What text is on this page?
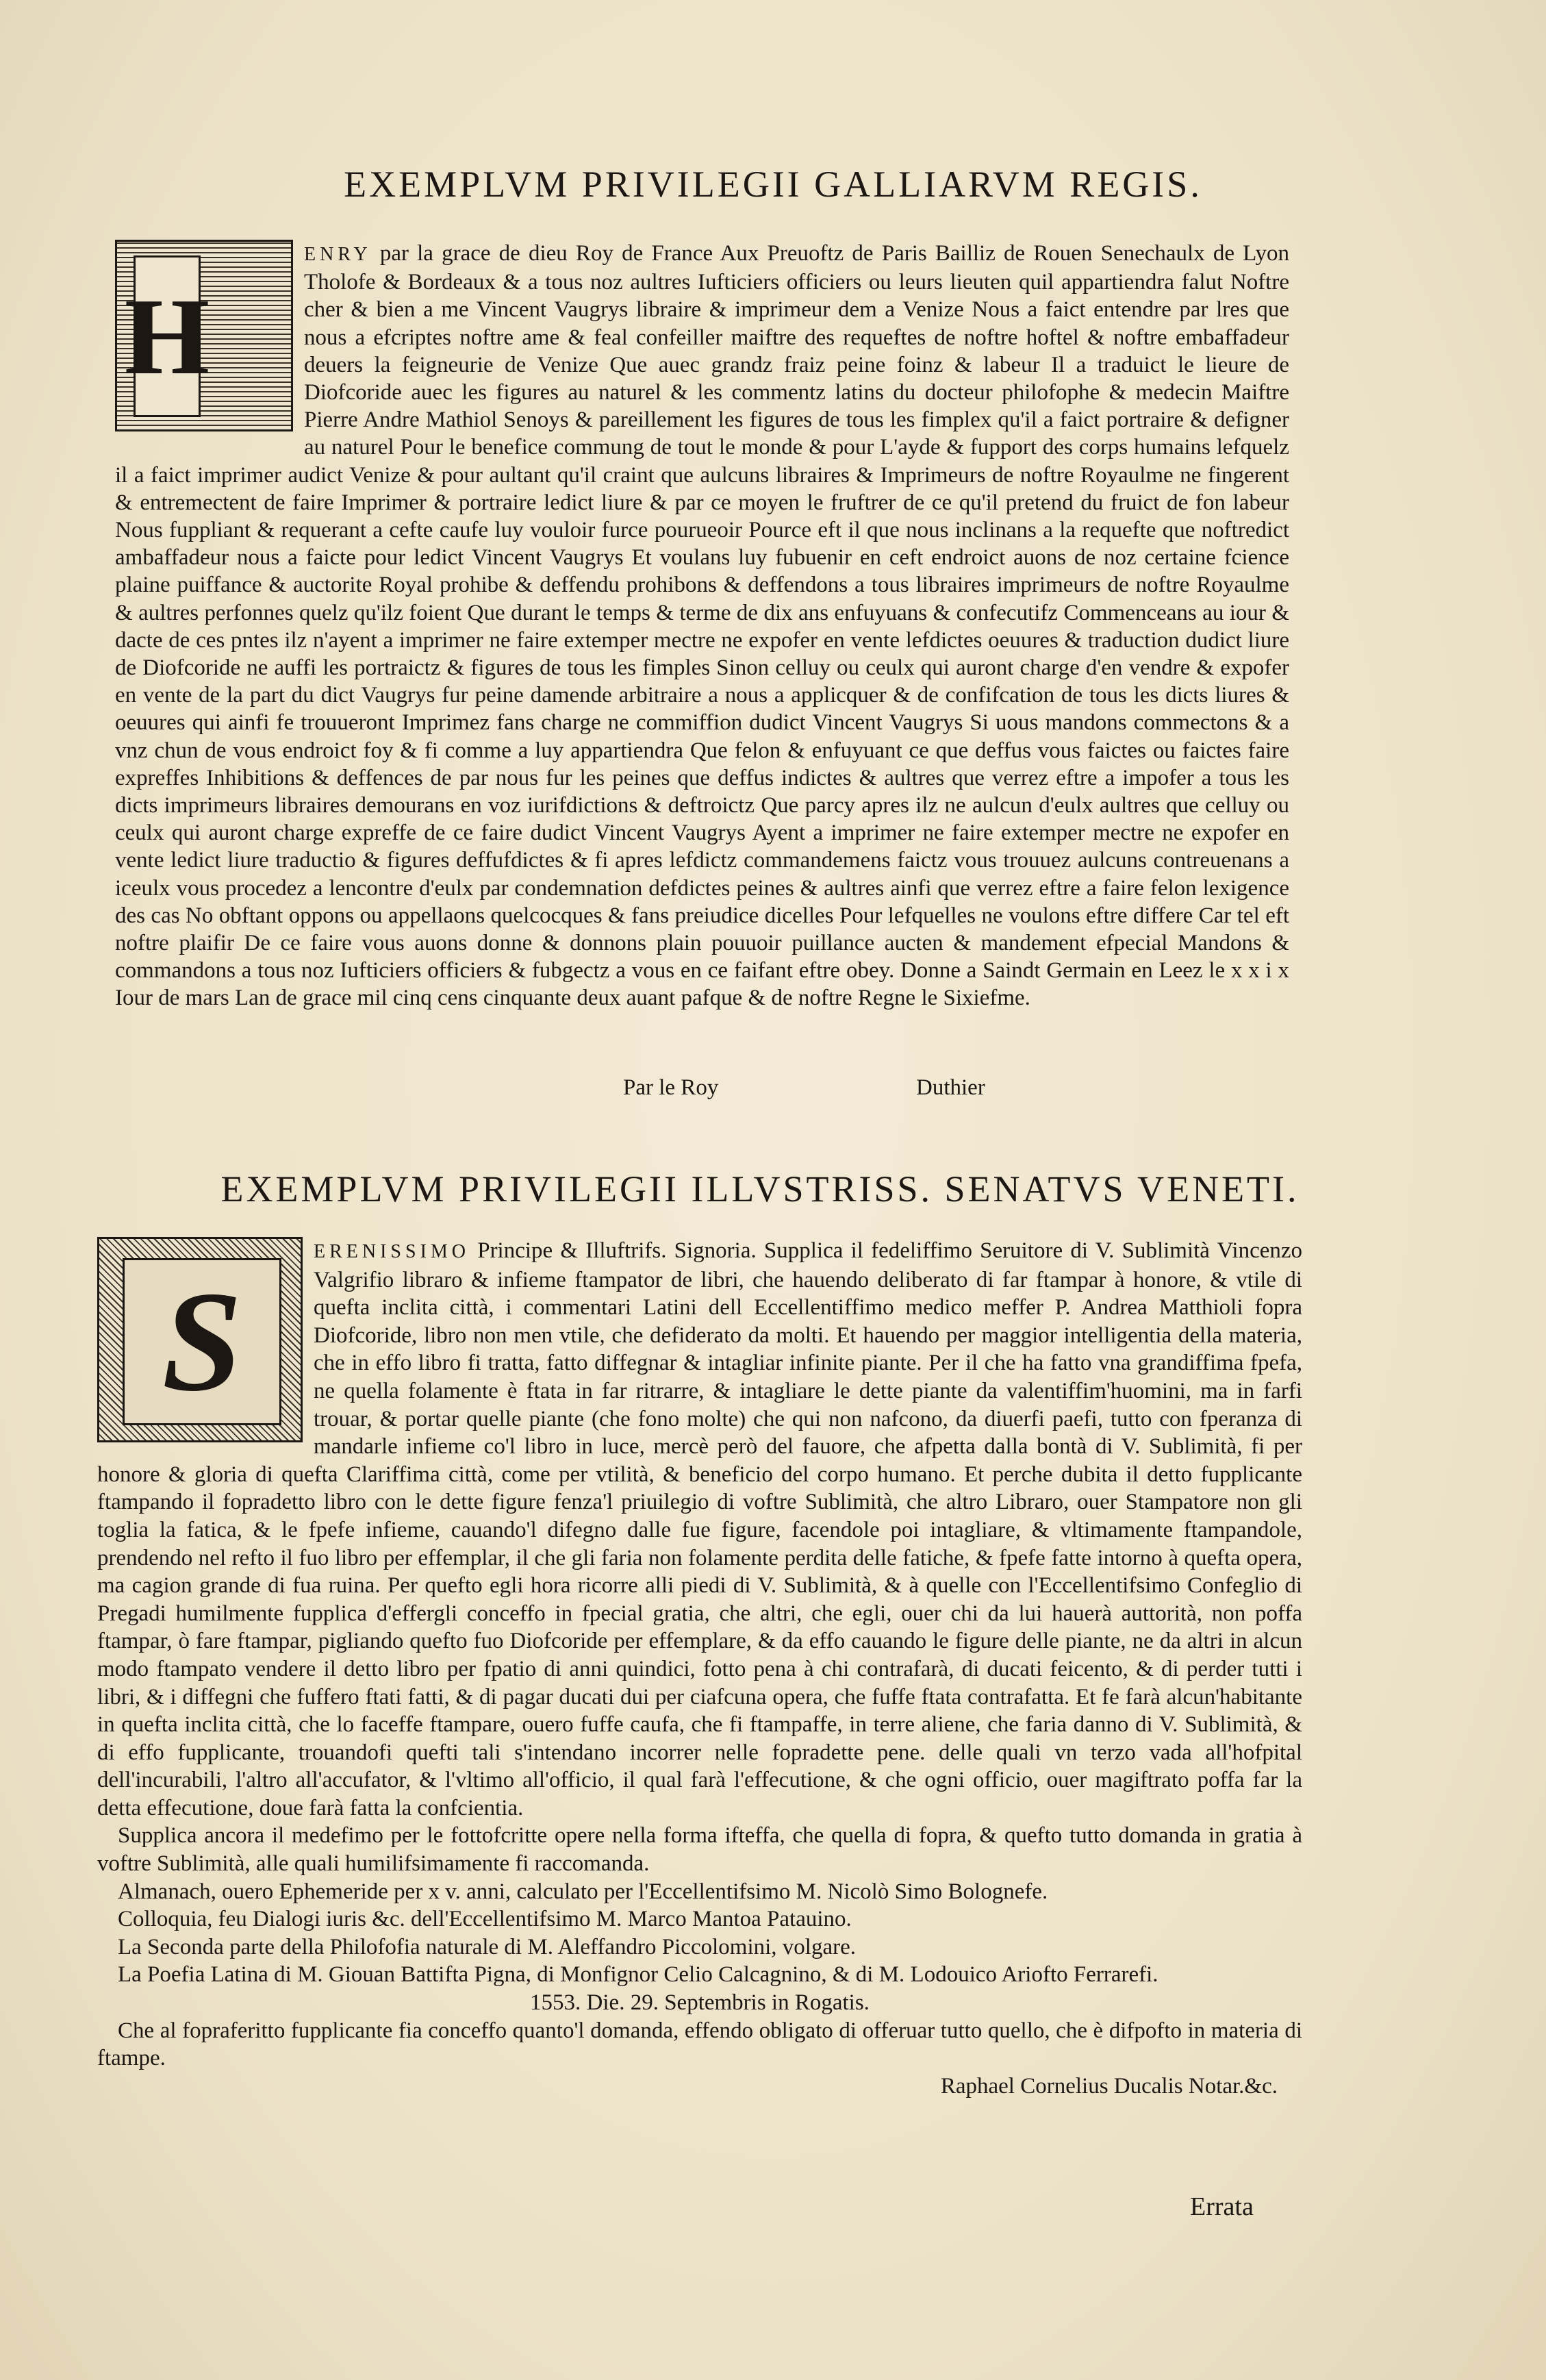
EXEMPLVM PRIVILEGII GALLIARVM REGIS.
H
ENRY par la grace de dieu Roy de France Aux Preuoftz de Paris Bailliz de Rouen Senechaulx de Lyon Tholofe & Bordeaux & a tous noz aultres Iufticiers officiers ou leurs lieuten quil appartiendra falut Noftre cher & bien a me Vincent Vaugrys libraire & imprimeur dem a Venize Nous a faict entendre par lres que nous a efcriptes noftre ame & feal confeiller maiftre des requeftes de noftre hoftel & noftre embaffadeur deuers la feigneurie de Venize Que auec grandz fraiz peine foinz & labeur Il a traduict le lieure de Diofcoride auec les figures au naturel & les commentz latins du docteur philofophe & medecin Maiftre Pierre Andre Mathiol Senoys & pareillement les figures de tous les fimplex qu'il a faict portraire & defigner au naturel Pour le benefice commung de tout le monde & pour L'ayde & fupport des corps humains lefquelz il a faict imprimer audict Venize & pour aultant qu'il craint que aulcuns libraires & Imprimeurs de noftre Royaulme ne fingerent & entremectent de faire Imprimer & portraire ledict liure & par ce moyen le fruftrer de ce qu'il pretend du fruict de fon labeur Nous fuppliant & requerant a cefte caufe luy vouloir furce pourueoir Pource eft il que nous inclinans a la requefte que noftredict ambaffadeur nous a faicte pour ledict Vincent Vaugrys Et voulans luy fubuenir en ceft endroict auons de noz certaine fcience plaine puiffance & auctorite Royal prohibe & deffendu prohibons & deffendons a tous libraires imprimeurs de noftre Royaulme & aultres perfonnes quelz qu'ilz foient Que durant le temps & terme de dix ans enfuyuans & confecutifz Commenceans au iour & dacte de ces pntes ilz n'ayent a imprimer ne faire extemper mectre ne expofer en vente lefdictes oeuures & traduction dudict liure de Diofcoride ne auffi les portraictz & figures de tous les fimples Sinon celluy ou ceulx qui auront charge d'en vendre & expofer en vente de la part du dict Vaugrys fur peine damende arbitraire a nous a applicquer & de confifcation de tous les dicts liures & oeuures qui ainfi fe trouueront Imprimez fans charge ne commiffion dudict Vincent Vaugrys Si uous mandons commectons & a vnz chun de vous endroict foy & fi comme a luy appartiendra Que felon & enfuyuant ce que deffus vous faictes ou faictes faire expreffes Inhibitions & deffences de par nous fur les peines que deffus indictes & aultres que verrez eftre a impofer a tous les dicts imprimeurs libraires demourans en voz iurifdictions & deftroictz Que parcy apres ilz ne aulcun d'eulx aultres que celluy ou ceulx qui auront charge expreffe de ce faire dudict Vincent Vaugrys Ayent a imprimer ne faire extemper mectre ne expofer en vente ledict liure traductio & figures deffufdictes & fi apres lefdictz commandemens faictz vous trouuez aulcuns contreuenans a iceulx vous procedez a lencontre d'eulx par condemnation defdictes peines & aultres ainfi que verrez eftre a faire felon lexigence des cas No obftant oppons ou appellaons quelcocques & fans preiudice dicelles Pour lefquelles ne voulons eftre differe Car tel eft noftre plaifir De ce faire vous auons donne & donnons plain pouuoir puillance aucten & mandement efpecial Mandons & commandons a tous noz Iufticiers officiers & fubgectz a vous en ce faifant eftre obey. Donne a Saindt Germain en Leez le x x i x Iour de mars Lan de grace mil cinq cens cinquante deux auant pafque & de noftre Regne le Sixiefme.
Par le Roy	Duthier
EXEMPLVM PRIVILEGII ILLVSTRISS. SENATVS VENETI.
S

ERENISSIMO Principe & Illuftrifs. Signoria. Supplica il fedeliffimo Seruitore di V. Sublimità Vincenzo Valgrifio libraro & infieme ftampator de libri, che hauendo deliberato di far ftampar à honore, & vtile di quefta inclita città, i commentari Latini dell Eccellentiffimo medico meffer P. Andrea Matthioli fopra Diofcoride, libro non men vtile, che defiderato da molti. Et hauendo per maggior intelligentia della materia, che in effo libro fi tratta, fatto diffegnar & intagliar infinite piante. Per il che ha fatto vna grandiffima fpefa, ne quella folamente è ftata in far ritrarre, & intagliare le dette piante da valentiffim'huomini, ma in farfi trouar, & portar quelle piante (che fono molte) che qui non nafcono, da diuerfi paefi, tutto con fperanza di mandarle infieme co'l libro in luce, mercè però del fauore, che afpetta dalla bontà di V. Sublimità, fi per honore & gloria di quefta Clariffima città, come per vtilità, & beneficio del corpo humano. Et perche dubita il detto fupplicante ftampando il fopradetto libro con le dette figure fenza'l priuilegio di voftre Sublimità, che altro Libraro, ouer Stampatore non gli toglia la fatica, & le fpefe infieme, cauando'l difegno dalle fue figure, facendole poi intagliare, & vltimamente ftampandole, prendendo nel refto il fuo libro per effemplar, il che gli faria non folamente perdita delle fatiche, & fpefe fatte intorno à quefta opera, ma cagion grande di fua ruina. Per quefto egli hora ricorre alli piedi di V. Sublimità, & à quelle con l'Eccellentifsimo Confeglio di Pregadi humilmente fupplica d'effergli conceffo in fpecial gratia, che altri, che egli, ouer chi da lui hauerà auttorità, non poffa ftampar, ò fare ftampar, pigliando quefto fuo Diofcoride per effemplare, & da effo cauando le figure delle piante, ne da altri in alcun modo ftampato vendere il detto libro per fpatio di anni quindici, fotto pena à chi contrafarà, di ducati feicento, & di perder tutti i libri, & i diffegni che fuffero ftati fatti, & di pagar ducati dui per ciafcuna opera, che fuffe ftata contrafatta. Et fe farà alcun'habitante in quefta inclita città, che lo faceffe ftampare, ouero fuffe caufa, che fi ftampaffe, in terre aliene, che faria danno di V. Sublimità, & di effo fupplicante, trouandofi quefti tali s'intendano incorrer nelle fopradette pene. delle quali vn terzo vada all'hofpital dell'incurabili, l'altro all'accufator, & l'vltimo all'officio, il qual farà l'effecutione, & che ogni officio, ouer magiftrato poffa far la detta effecutione, doue farà fatta la confcientia.

Supplica ancora il medefimo per le fottofcritte opere nella forma ifteffa, che quella di fopra, & quefto tutto domanda in gratia à voftre Sublimità, alle quali humilifsimamente fi raccomanda.

Almanach, ouero Ephemeride per x v. anni, calculato per l'Eccellentifsimo M. Nicolò Simo Bolognefe.
Colloquia, feu Dialogi iuris &c. dell'Eccellentifsimo M. Marco Mantoa Patauino.
La Seconda parte della Philofofia naturale di M. Aleffandro Piccolomini, volgare.
La Poefia Latina di M. Giouan Battifta Pigna, di Monfignor Celio Calcagnino, & di M. Lodouico Ariofto Ferrarefi.
1553. Die. 29. Septembris in Rogatis.

Che al fopraferitto fupplicante fia conceffo quanto'l domanda, effendo obligato di offeruar tutto quello, che è difpofto in materia di ftampe.

Raphael Cornelius Ducalis Notar.&c.
Errata
